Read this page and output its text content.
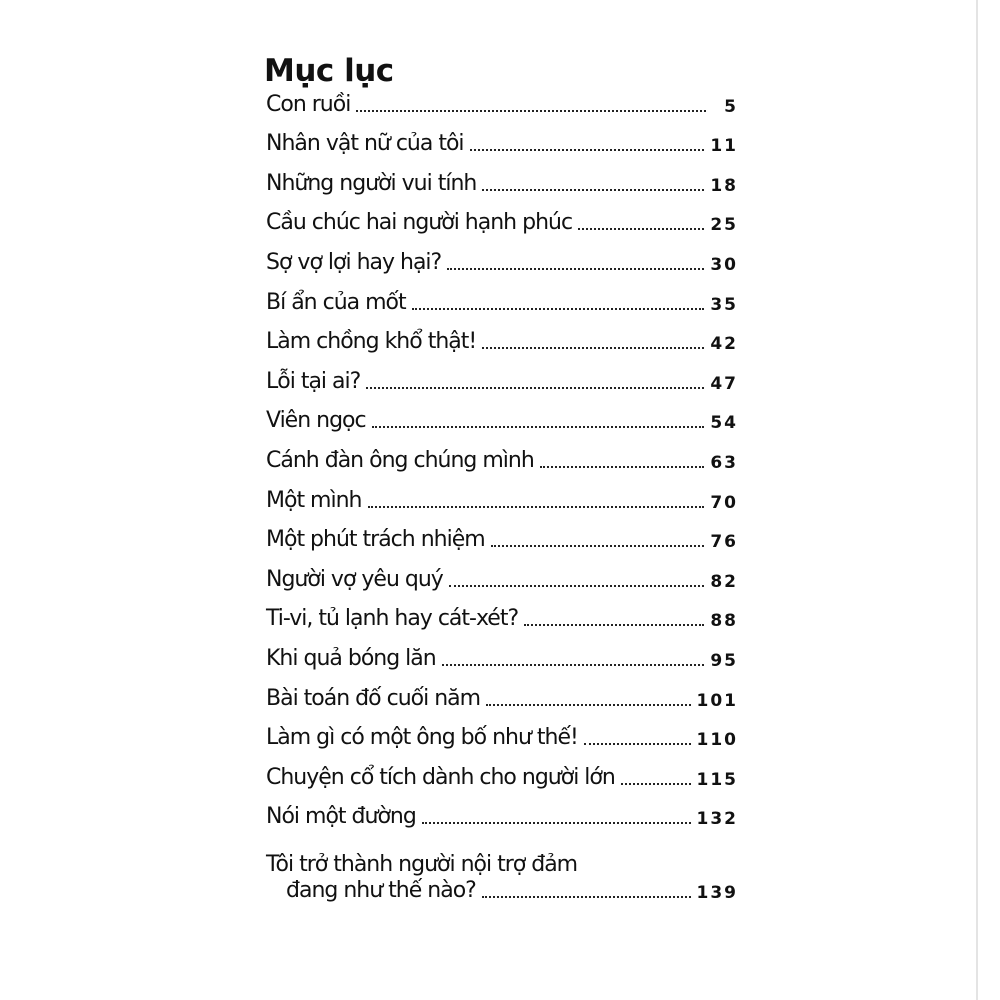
Mục lục
Con ruồi	5
Nhân vật nữ của tôi	11
Những người vui tính	18
Cầu chúc hai người hạnh phúc	25
Sợ vợ lợi hay hại?	30
Bí ẩn của mốt	35
Làm chồng khổ thật!	42
Lỗi tại ai?	47
Viên ngọc	54
Cánh đàn ông chúng mình	63
Một mình	70
Một phút trách nhiệm	76
Người vợ yêu quý	82
Ti-vi, tủ lạnh hay cát-xét?	88
Khi quả bóng lăn	95
Bài toán đố cuối năm	101
Làm gì có một ông bố như thế!	110
Chuyện cổ tích dành cho người lớn	115
Nói một đường	132
Tôi trở thành người nội trợ đảm
đang như thế nào?	139
